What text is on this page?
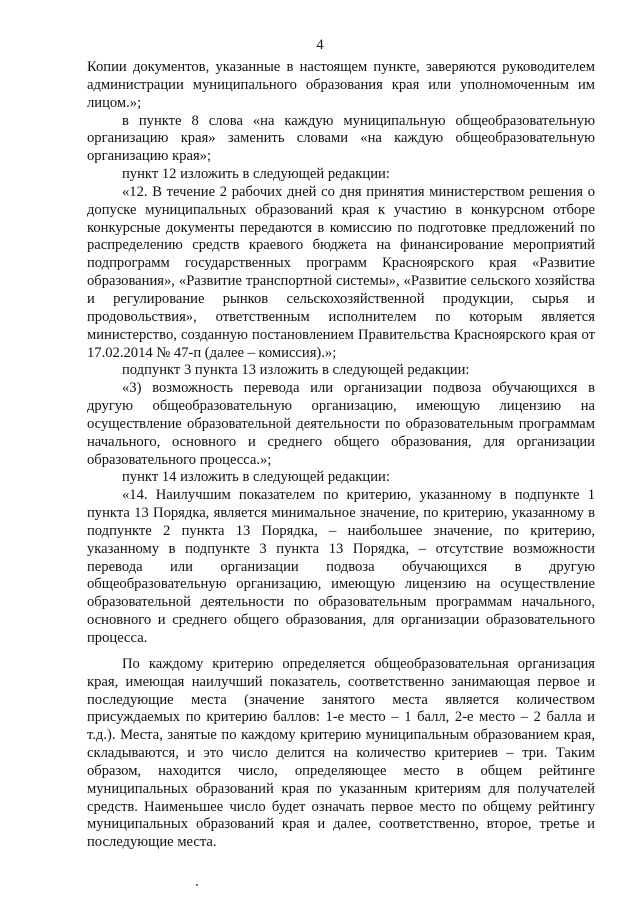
4

Копии документов, указанные в настоящем пункте, заверяются руководителем администрации муниципального образования края или уполномоченным им лицом.»;

в пункте 8 слова «на каждую муниципальную общеобразовательную организацию края» заменить словами «на каждую общеобразовательную организацию края»;

пункт 12 изложить в следующей редакции:

«12. В течение 2 рабочих дней со дня принятия министерством решения о допуске муниципальных образований края к участию в конкурсном отборе конкурсные документы передаются в комиссию по подготовке предложений по распределению средств краевого бюджета на финансирование мероприятий подпрограмм государственных программ Красноярского края «Развитие образования», «Развитие транспортной системы», «Развитие сельского хозяйства и регулирование рынков сельскохозяйственной продукции, сырья и продовольствия», ответственным исполнителем по которым является министерство, созданную постановлением Правительства Красноярского края от 17.02.2014 № 47-п (далее – комиссия).»;

подпункт 3 пункта 13 изложить в следующей редакции:

«3) возможность перевода или организации подвоза обучающихся в другую общеобразовательную организацию, имеющую лицензию на осуществление образовательной деятельности по образовательным программам начального, основного и среднего общего образования, для организации образовательного процесса.»;

пункт 14 изложить в следующей редакции:

«14. Наилучшим показателем по критерию, указанному в подпункте 1 пункта 13 Порядка, является минимальное значение, по критерию, указанному в подпункте 2 пункта 13 Порядка, – наибольшее значение, по критерию, указанному в подпункте 3 пункта 13 Порядка, – отсутствие возможности перевода или организации подвоза обучающихся в другую общеобразовательную организацию, имеющую лицензию на осуществление образовательной деятельности по образовательным программам начального, основного и среднего общего образования, для организации образовательного процесса.

По каждому критерию определяется общеобразовательная организация края, имеющая наилучший показатель, соответственно занимающая первое и последующие места (значение занятого места является количеством присуждаемых по критерию баллов: 1-е место – 1 балл, 2-е место – 2 балла и т.д.). Места, занятые по каждому критерию муниципальным образованием края, складываются, и это число делится на количество критериев – три. Таким образом, находится число, определяющее место в общем рейтинге муниципальных образований края по указанным критериям для получателей средств. Наименьшее число будет означать первое место по общему рейтингу муниципальных образований края и далее, соответственно, второе, третье и последующие места.
